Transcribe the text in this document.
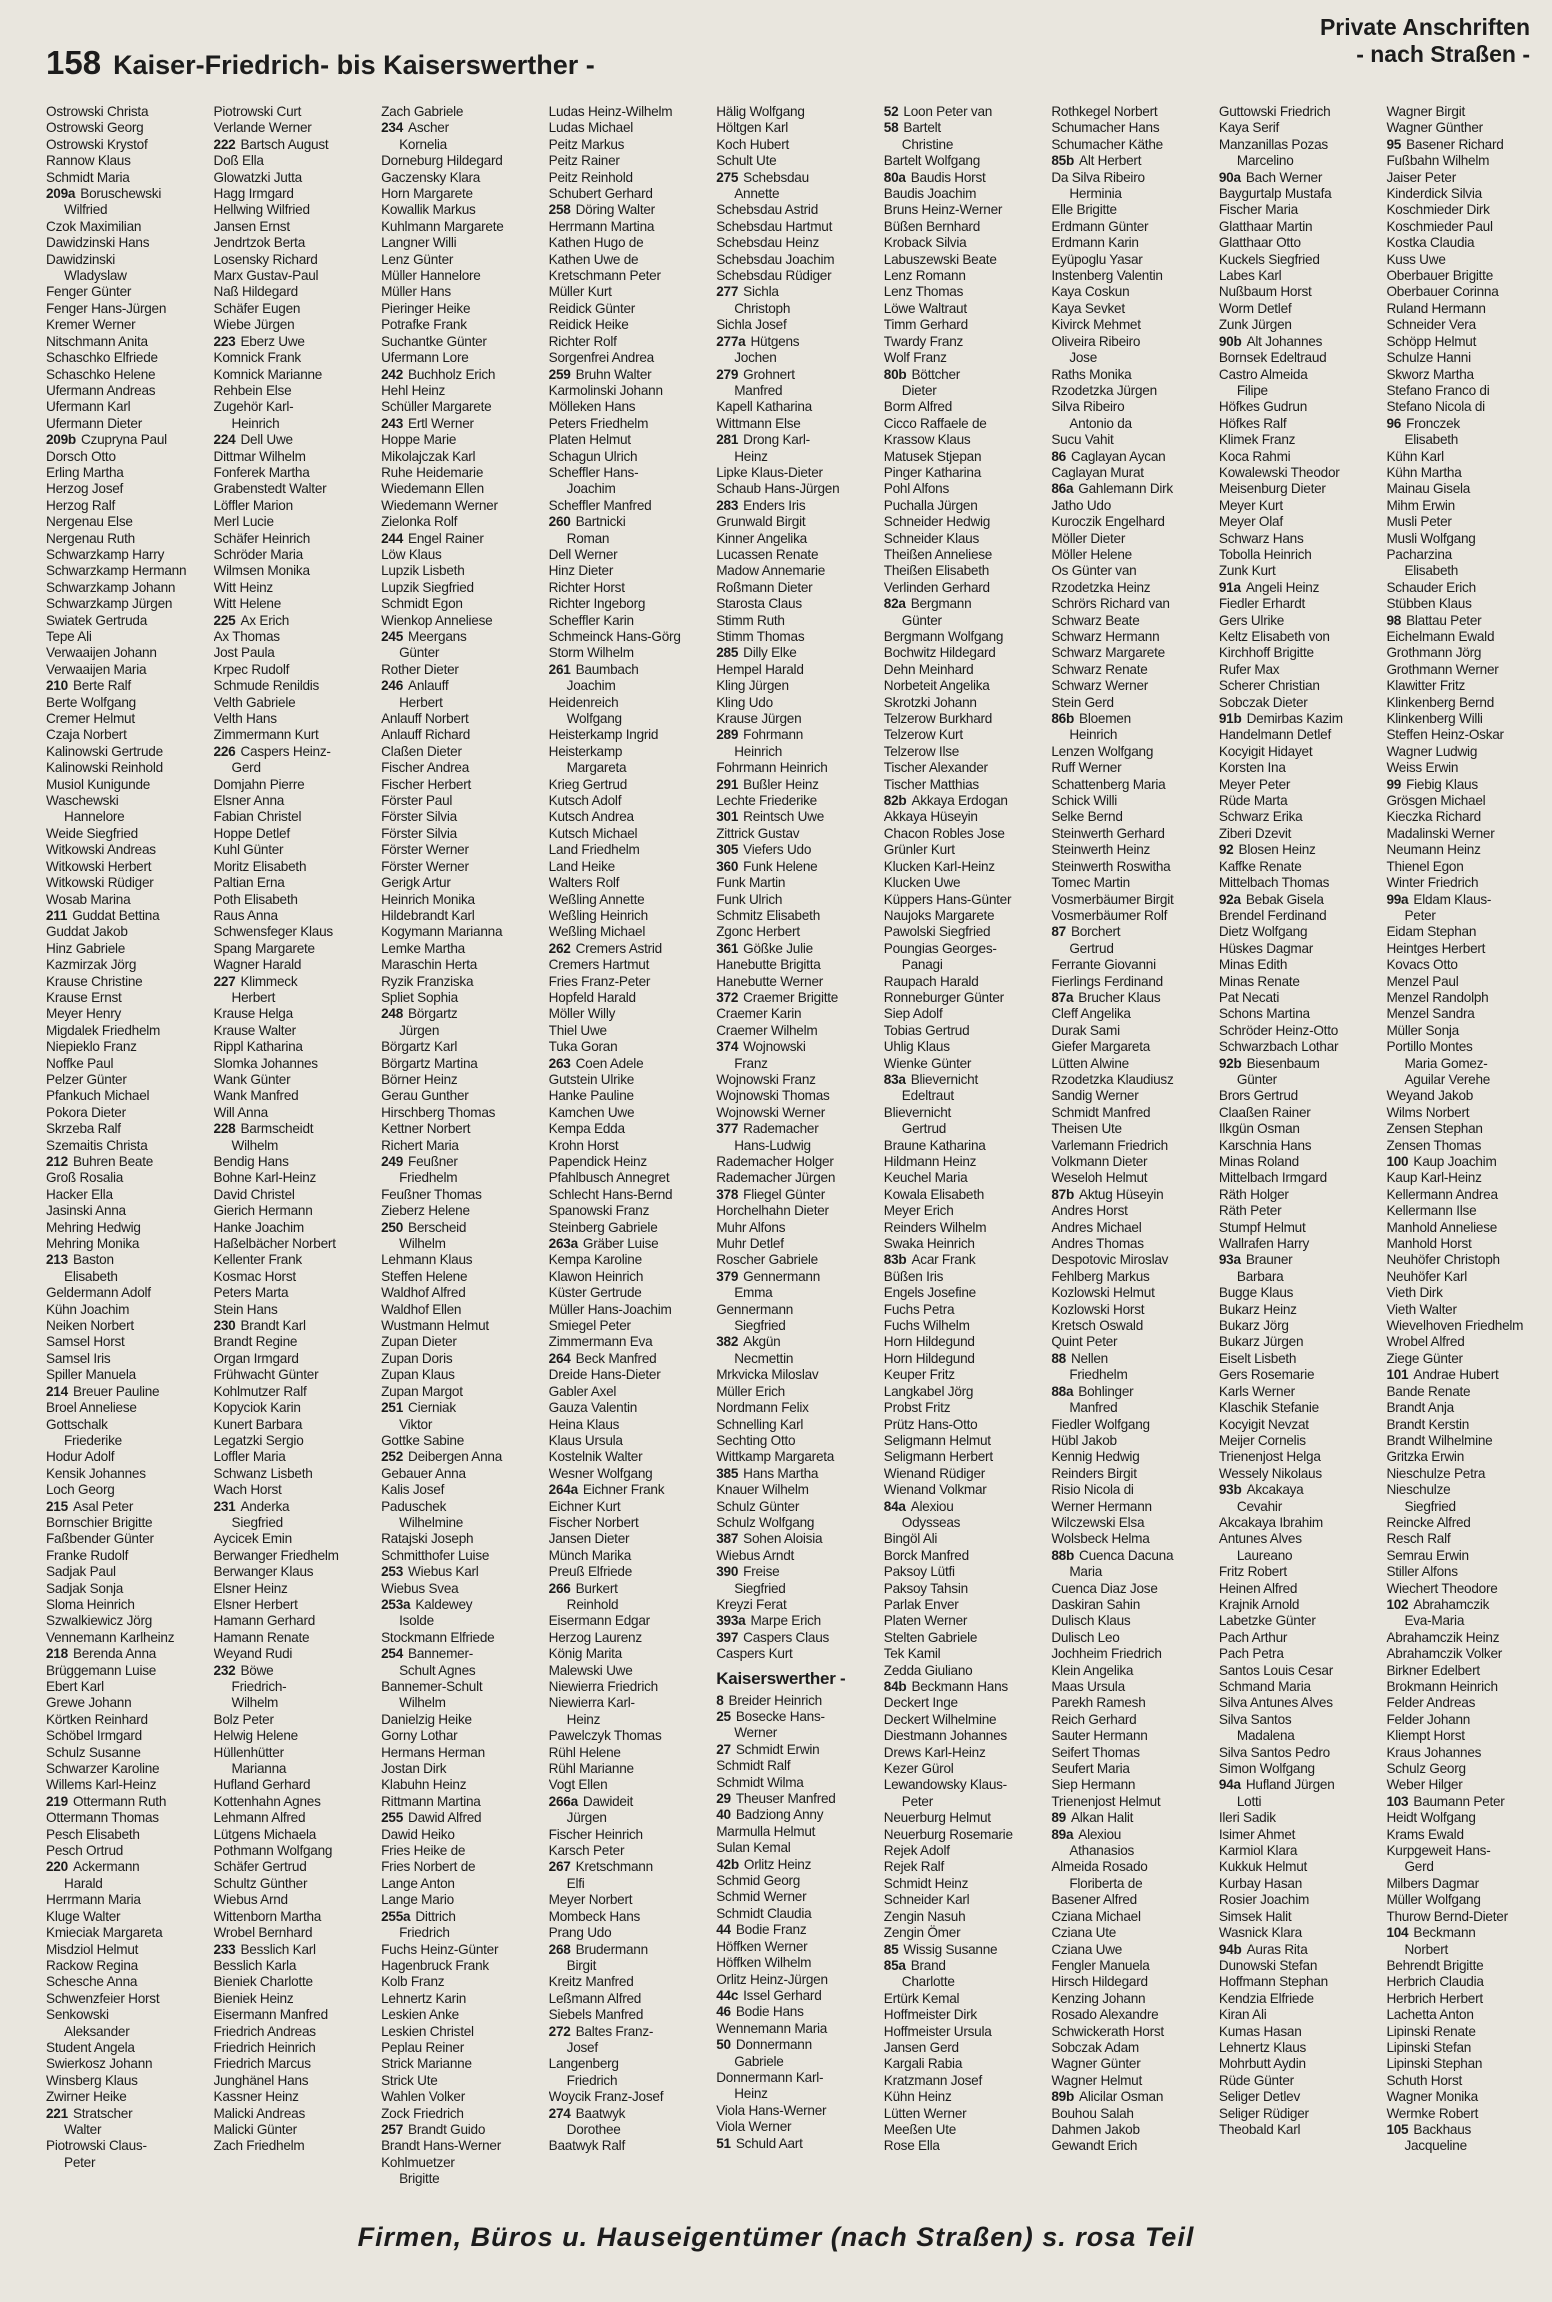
158 Kaiser-Friedrich- bis Kaiserswerther -
Private Anschriften
- nach Straßen -
Ostrowski Christa
Ostrowski Georg
Ostrowski Krystof
Rannow Klaus
Schmidt Maria
209a Boruschewski
Wilfried
Czok Maximilian
Dawidzinski Hans
Dawidzinski
Wladyslaw
Fenger Günter
Fenger Hans-Jürgen
Kremer Werner
Nitschmann Anita
Schaschko Elfriede
Schaschko Helene
Ufermann Andreas
Ufermann Karl
Ufermann Dieter
209b Czupryna Paul
Dorsch Otto
Erling Martha
Herzog Josef
Herzog Ralf
Nergenau Else
Nergenau Ruth
Schwarzkamp Harry
Schwarzkamp Hermann
Schwarzkamp Johann
Schwarzkamp Jürgen
Swiatek Gertruda
Tepe Ali
Verwaaijen Johann
Verwaaijen Maria
210 Berte Ralf
Berte Wolfgang
Cremer Helmut
Czaja Norbert
Kalinowski Gertrude
Kalinowski Reinhold
Musiol Kunigunde
Waschewski
Hannelore
Weide Siegfried
Witkowski Andreas
Witkowski Herbert
Witkowski Rüdiger
Wosab Marina
211 Guddat Bettina
Guddat Jakob
Hinz Gabriele
Kazmirzak Jörg
Krause Christine
Krause Ernst
Meyer Henry
Migdalek Friedhelm
Niepieklo Franz
Noffke Paul
Pelzer Günter
Pfankuch Michael
Pokora Dieter
Skrzeba Ralf
Szemaitis Christa
212 Buhren Beate
Groß Rosalia
Hacker Ella
Jasinski Anna
Mehring Hedwig
Mehring Monika
213 Baston
Elisabeth
Geldermann Adolf
Kühn Joachim
Neiken Norbert
Samsel Horst
Samsel Iris
Spiller Manuela
214 Breuer Pauline
Broel Anneliese
Gottschalk
Friederike
Hodur Adolf
Kensik Johannes
Loch Georg
215 Asal Peter
Bornschier Brigitte
Faßbender Günter
Franke Rudolf
Sadjak Paul
Sadjak Sonja
Sloma Heinrich
Szwalkiewicz Jörg
Vennemann Karlheinz
218 Berenda Anna
Brüggemann Luise
Ebert Karl
Grewe Johann
Körtken Reinhard
Schöbel Irmgard
Schulz Susanne
Schwarzer Karoline
Willems Karl-Heinz
219 Ottermann Ruth
Ottermann Thomas
Pesch Elisabeth
Pesch Ortrud
220 Ackermann
Harald
Herrmann Maria
Kluge Walter
Kmieciak Margareta
Misdziol Helmut
Rackow Regina
Schesche Anna
Schwenzfeier Horst
Senkowski
Aleksander
Student Angela
Swierkosz Johann
Winsberg Klaus
Zwirner Heike
221 Stratscher
Walter
Piotrowski Claus-
Peter
Piotrowski Curt
Verlande Werner
222 Bartsch August
Doß Ella
Glowatzki Jutta
Hagg Irmgard
Hellwing Wilfried
Jansen Ernst
Jendrtzok Berta
Losensky Richard
Marx Gustav-Paul
Naß Hildegard
Schäfer Eugen
Wiebe Jürgen
223 Eberz Uwe
Komnick Frank
Komnick Marianne
Rehbein Else
Zugehör Karl-
Heinrich
224 Dell Uwe
Dittmar Wilhelm
Fonferek Martha
Grabenstedt Walter
Löffler Marion
Merl Lucie
Schäfer Heinrich
Schröder Maria
Wilmsen Monika
Witt Heinz
Witt Helene
225 Ax Erich
Ax Thomas
Jost Paula
Krpec Rudolf
Schmude Renildis
Velth Gabriele
Velth Hans
Zimmermann Kurt
226 Caspers Heinz-
Gerd
Domjahn Pierre
Elsner Anna
Fabian Christel
Hoppe Detlef
Kuhl Günter
Moritz Elisabeth
Paltian Erna
Poth Elisabeth
Raus Anna
Schwensfeger Klaus
Spang Margarete
Wagner Harald
227 Klimmeck
Herbert
Krause Helga
Krause Walter
Rippl Katharina
Slomka Johannes
Wank Günter
Wank Manfred
Will Anna
228 Barmscheidt
Wilhelm
Bendig Hans
Bohne Karl-Heinz
David Christel
Gierich Hermann
Hanke Joachim
Haßelbächer Norbert
Kellenter Frank
Kosmac Horst
Peters Marta
Stein Hans
230 Brandt Karl
Brandt Regine
Organ Irmgard
Frühwacht Günter
Kohlmutzer Ralf
Kopyciok Karin
Kunert Barbara
Legatzki Sergio
Loffler Maria
Schwanz Lisbeth
Wach Horst
231 Anderka
Siegfried
Aycicek Emin
Berwanger Friedhelm
Berwanger Klaus
Elsner Heinz
Elsner Herbert
Hamann Gerhard
Hamann Renate
Weyand Rudi
232 Böwe
Friedrich-
Wilhelm
Bolz Peter
Helwig Helene
Hüllenhütter
Marianna
Hufland Gerhard
Kottenhahn Agnes
Lehmann Alfred
Lütgens Michaela
Pothmann Wolfgang
Schäfer Gertrud
Schultz Günther
Wiebus Arnd
Wittenborn Martha
Wrobel Bernhard
233 Besslich Karl
Besslich Karla
Bieniek Charlotte
Bieniek Heinz
Eisermann Manfred
Friedrich Andreas
Friedrich Heinrich
Friedrich Marcus
Junghänel Hans
Kassner Heinz
Malicki Andreas
Malicki Günter
Zach Friedhelm
Zach Gabriele
234 Ascher
Kornelia
Dorneburg Hildegard
Gaczensky Klara
Horn Margarete
Kowallik Markus
Kuhlmann Margarete
Langner Willi
Lenz Günter
Müller Hannelore
Müller Hans
Pieringer Heike
Potrafke Frank
Suchantke Günter
Ufermann Lore
242 Buchholz Erich
Hehl Heinz
Schüller Margarete
243 Ertl Werner
Hoppe Marie
Mikolajczak Karl
Ruhe Heidemarie
Wiedemann Ellen
Wiedemann Werner
Zielonka Rolf
244 Engel Rainer
Löw Klaus
Lupzik Lisbeth
Lupzik Siegfried
Schmidt Egon
Wienkop Anneliese
245 Meergans
Günter
Rother Dieter
246 Anlauff
Herbert
Anlauff Norbert
Anlauff Richard
Claßen Dieter
Fischer Andrea
Fischer Herbert
Förster Paul
Förster Silvia
Förster Silvia
Förster Werner
Förster Werner
Gerigk Artur
Heinrich Monika
Hildebrandt Karl
Kogymann Marianna
Lemke Martha
Maraschin Herta
Ryzik Franziska
Spliet Sophia
248 Börgartz
Jürgen
Börgartz Karl
Börgartz Martina
Börner Heinz
Gerau Gunther
Hirschberg Thomas
Kettner Norbert
Richert Maria
249 Feußner
Friedhelm
Feußner Thomas
Zieberz Helene
250 Berscheid
Wilhelm
Lehmann Klaus
Steffen Helene
Waldhof Alfred
Waldhof Ellen
Wustmann Helmut
Zupan Dieter
Zupan Doris
Zupan Klaus
Zupan Margot
251 Cierniak
Viktor
Gottke Sabine
252 Deibergen Anna
Gebauer Anna
Kalis Josef
Paduschek
Wilhelmine
Ratajski Joseph
Schmitthofer Luise
253 Wiebus Karl
Wiebus Svea
253a Kaldewey
Isolde
Stockmann Elfriede
254 Bannemer-
Schult Agnes
Bannemer-Schult
Wilhelm
Danielzig Heike
Gorny Lothar
Hermans Herman
Jostan Dirk
Klabuhn Heinz
Rittmann Martina
255 Dawid Alfred
Dawid Heiko
Fries Heike de
Fries Norbert de
Lange Anton
Lange Mario
255a Dittrich
Friedrich
Fuchs Heinz-Günter
Hagenbruck Frank
Kolb Franz
Lehnertz Karin
Leskien Anke
Leskien Christel
Peplau Reiner
Strick Marianne
Strick Ute
Wahlen Volker
Zock Friedrich
257 Brandt Guido
Brandt Hans-Werner
Kohlmuetzer
Brigitte
Ludas Heinz-Wilhelm
Ludas Michael
Peitz Markus
Peitz Rainer
Peitz Reinhold
Schubert Gerhard
258 Döring Walter
Herrmann Martina
Kathen Hugo de
Kathen Uwe de
Kretschmann Peter
Müller Kurt
Reidick Günter
Reidick Heike
Richter Rolf
Sorgenfrei Andrea
259 Bruhn Walter
Karmolinski Johann
Mölleken Hans
Peters Friedhelm
Platen Helmut
Schagun Ulrich
Scheffler Hans-
Joachim
Scheffler Manfred
260 Bartnicki
Roman
Dell Werner
Hinz Dieter
Richter Horst
Richter Ingeborg
Scheffler Karin
Schmeinck Hans-Görg
Storm Wilhelm
261 Baumbach
Joachim
Heidenreich
Wolfgang
Heisterkamp Ingrid
Heisterkamp
Margareta
Krieg Gertrud
Kutsch Adolf
Kutsch Andrea
Kutsch Michael
Land Friedhelm
Land Heike
Walters Rolf
Weßling Annette
Weßling Heinrich
Weßling Michael
262 Cremers Astrid
Cremers Hartmut
Fries Franz-Peter
Hopfeld Harald
Möller Willy
Thiel Uwe
Tuka Goran
263 Coen Adele
Gutstein Ulrike
Hanke Pauline
Kamchen Uwe
Kempa Edda
Krohn Horst
Papendick Heinz
Pfahlbusch Annegret
Schlecht Hans-Bernd
Spanowski Franz
Steinberg Gabriele
263a Gräber Luise
Kempa Karoline
Klawon Heinrich
Küster Gertrude
Müller Hans-Joachim
Smiegel Peter
Zimmermann Eva
264 Beck Manfred
Dreide Hans-Dieter
Gabler Axel
Gauza Valentin
Heina Klaus
Klaus Ursula
Kostelnik Walter
Wesner Wolfgang
264a Eichner Frank
Eichner Kurt
Fischer Norbert
Jansen Dieter
Münch Marika
Preuß Elfriede
266 Burkert
Reinhold
Eisermann Edgar
Herzog Laurenz
König Marita
Malewski Uwe
Niewierra Friedrich
Niewierra Karl-
Heinz
Pawelczyk Thomas
Rühl Helene
Rühl Marianne
Vogt Ellen
266a Dawideit
Jürgen
Fischer Heinrich
Karsch Peter
267 Kretschmann
Elfi
Meyer Norbert
Mombeck Hans
Prang Udo
268 Brudermann
Birgit
Kreitz Manfred
Leßmann Alfred
Siebels Manfred
272 Baltes Franz-
Josef
Langenberg
Friedrich
Woycik Franz-Josef
274 Baatwyk
Dorothee
Baatwyk Ralf
Hälig Wolfgang
Höltgen Karl
Koch Hubert
Schult Ute
275 Schebsdau
Annette
Schebsdau Astrid
Schebsdau Hartmut
Schebsdau Heinz
Schebsdau Joachim
Schebsdau Rüdiger
277 Sichla
Christoph
Sichla Josef
277a Hütgens
Jochen
279 Grohnert
Manfred
Kapell Katharina
Wittmann Else
281 Drong Karl-
Heinz
Lipke Klaus-Dieter
Schaub Hans-Jürgen
283 Enders Iris
Grunwald Birgit
Kinner Angelika
Lucassen Renate
Madow Annemarie
Roßmann Dieter
Starosta Claus
Stimm Ruth
Stimm Thomas
285 Dilly Elke
Hempel Harald
Kling Jürgen
Kling Udo
Krause Jürgen
289 Fohrmann
Heinrich
Fohrmann Heinrich
291 Bußler Heinz
Lechte Friederike
301 Reintsch Uwe
Zittrick Gustav
305 Viefers Udo
360 Funk Helene
Funk Martin
Funk Ulrich
Schmitz Elisabeth
Zgonc Herbert
361 Gößke Julie
Hanebutte Brigitta
Hanebutte Werner
372 Craemer Brigitte
Craemer Karin
Craemer Wilhelm
374 Wojnowski
Franz
Wojnowski Franz
Wojnowski Thomas
Wojnowski Werner
377 Rademacher
Hans-Ludwig
Rademacher Holger
Rademacher Jürgen
378 Fliegel Günter
Horchelhahn Dieter
Muhr Alfons
Muhr Detlef
Roscher Gabriele
379 Gennermann
Emma
Gennermann
Siegfried
382 Akgün
Necmettin
Mrkvicka Miloslav
Müller Erich
Nordmann Felix
Schnelling Karl
Sechting Otto
Wittkamp Margareta
385 Hans Martha
Knauer Wilhelm
Schulz Günter
Schulz Wolfgang
387 Sohen Aloisia
Wiebus Arndt
390 Freise
Siegfried
Kreyzi Ferat
393a Marpe Erich
397 Caspers Claus
Caspers Kurt
Kaiserswerther -
8 Breider Heinrich
25 Bosecke Hans-
Werner
27 Schmidt Erwin
Schmidt Ralf
Schmidt Wilma
29 Theuser Manfred
40 Badziong Anny
Marmulla Helmut
Sulan Kemal
42b Orlitz Heinz
Schmid Georg
Schmid Werner
Schmidt Claudia
44 Bodie Franz
Höffken Werner
Höffken Wilhelm
Orlitz Heinz-Jürgen
44c Issel Gerhard
46 Bodie Hans
Wennemann Maria
50 Donnermann
Gabriele
Donnermann Karl-
Heinz
Viola Hans-Werner
Viola Werner
51 Schuld Aart
52 Loon Peter van
58 Bartelt
Christine
Bartelt Wolfgang
80a Baudis Horst
Baudis Joachim
Bruns Heinz-Werner
Büßen Bernhard
Kroback Silvia
Labuszewski Beate
Lenz Romann
Lenz Thomas
Löwe Waltraut
Timm Gerhard
Twardy Franz
Wolf Franz
80b Böttcher
Dieter
Borm Alfred
Cicco Raffaele de
Krassow Klaus
Matusek Stjepan
Pinger Katharina
Pohl Alfons
Puchalla Jürgen
Schneider Hedwig
Schneider Klaus
Theißen Anneliese
Theißen Elisabeth
Verlinden Gerhard
82a Bergmann
Günter
Bergmann Wolfgang
Bochwitz Hildegard
Dehn Meinhard
Norbeteit Angelika
Skrotzki Johann
Telzerow Burkhard
Telzerow Kurt
Telzerow Ilse
Tischer Alexander
Tischer Matthias
82b Akkaya Erdogan
Akkaya Hüseyin
Chacon Robles Jose
Grünler Kurt
Klucken Karl-Heinz
Klucken Uwe
Küppers Hans-Günter
Naujoks Margarete
Pawolski Siegfried
Poungias Georges-
Panagi
Raupach Harald
Ronneburger Günter
Siep Adolf
Tobias Gertrud
Uhlig Klaus
Wienke Günter
83a Blievernicht
Edeltraut
Blievernicht
Gertrud
Braune Katharina
Hildmann Heinz
Keuchel Maria
Kowala Elisabeth
Meyer Erich
Reinders Wilhelm
Swaka Heinrich
83b Acar Frank
Büßen Iris
Engels Josefine
Fuchs Petra
Fuchs Wilhelm
Horn Hildegund
Horn Hildegund
Keuper Fritz
Langkabel Jörg
Probst Fritz
Prütz Hans-Otto
Seligmann Helmut
Seligmann Herbert
Wienand Rüdiger
Wienand Volkmar
84a Alexiou
Odysseas
Bingöl Ali
Borck Manfred
Paksoy Lütfi
Paksoy Tahsin
Parlak Enver
Platen Werner
Stelten Gabriele
Tek Kamil
Zedda Giuliano
84b Beckmann Hans
Deckert Inge
Deckert Wilhelmine
Diestmann Johannes
Drews Karl-Heinz
Kezer Gürol
Lewandowsky Klaus-
Peter
Neuerburg Helmut
Neuerburg Rosemarie
Rejek Adolf
Rejek Ralf
Schmidt Heinz
Schneider Karl
Zengin Nasuh
Zengin Ömer
85 Wissig Susanne
85a Brand
Charlotte
Ertürk Kemal
Hoffmeister Dirk
Hoffmeister Ursula
Jansen Gerd
Kargali Rabia
Kratzmann Josef
Kühn Heinz
Lütten Werner
Meeßen Ute
Rose Ella
Rothkegel Norbert
Schumacher Hans
Schumacher Käthe
85b Alt Herbert
Da Silva Ribeiro
Herminia
Elle Brigitte
Erdmann Günter
Erdmann Karin
Eyüpoglu Yasar
Instenberg Valentin
Kaya Coskun
Kaya Sevket
Kivirck Mehmet
Oliveira Ribeiro
Jose
Raths Monika
Rzodetzka Jürgen
Silva Ribeiro
Antonio da
Sucu Vahit
86 Caglayan Aycan
Caglayan Murat
86a Gahlemann Dirk
Jatho Udo
Kuroczik Engelhard
Möller Dieter
Möller Helene
Os Günter van
Rzodetzka Heinz
Schrörs Richard van
Schwarz Beate
Schwarz Hermann
Schwarz Margarete
Schwarz Renate
Schwarz Werner
Stein Gerd
86b Bloemen
Heinrich
Lenzen Wolfgang
Ruff Werner
Schattenberg Maria
Schick Willi
Selke Bernd
Steinwerth Gerhard
Steinwerth Heinz
Steinwerth Roswitha
Tomec Martin
Vosmerbäumer Birgit
Vosmerbäumer Rolf
87 Borchert
Gertrud
Ferrante Giovanni
Fierlings Ferdinand
87a Brucher Klaus
Cleff Angelika
Durak Sami
Giefer Margareta
Lütten Alwine
Rzodetzka Klaudiusz
Sandig Werner
Schmidt Manfred
Theisen Ute
Varlemann Friedrich
Volkmann Dieter
Weseloh Helmut
87b Aktug Hüseyin
Andres Horst
Andres Michael
Andres Thomas
Despotovic Miroslav
Fehlberg Markus
Kozlowski Helmut
Kozlowski Horst
Kretsch Oswald
Quint Peter
88 Nellen
Friedhelm
88a Bohlinger
Manfred
Fiedler Wolfgang
Hübl Jakob
Kennig Hedwig
Reinders Birgit
Risio Nicola di
Werner Hermann
Wilczewski Elsa
Wolsbeck Helma
88b Cuenca Dacuna
Maria
Cuenca Diaz Jose
Daskiran Sahin
Dulisch Klaus
Dulisch Leo
Jochheim Friedrich
Klein Angelika
Maas Ursula
Parekh Ramesh
Reich Gerhard
Sauter Hermann
Seifert Thomas
Seufert Maria
Siep Hermann
Trienenjost Helmut
89 Alkan Halit
89a Alexiou
Athanasios
Almeida Rosado
Floriberta de
Basener Alfred
Cziana Michael
Cziana Ute
Cziana Uwe
Fengler Manuela
Hirsch Hildegard
Kenzing Johann
Rosado Alexandre
Schwickerath Horst
Sobczak Adam
Wagner Günter
Wagner Helmut
89b Alicilar Osman
Bouhou Salah
Dahmen Jakob
Gewandt Erich
Guttowski Friedrich
Kaya Serif
Manzanillas Pozas
Marcelino
90a Bach Werner
Baygurtalp Mustafa
Fischer Maria
Glatthaar Martin
Glatthaar Otto
Kuckels Siegfried
Labes Karl
Nußbaum Horst
Worm Detlef
Zunk Jürgen
90b Alt Johannes
Bornsek Edeltraud
Castro Almeida
Filipe
Höfkes Gudrun
Höfkes Ralf
Klimek Franz
Koca Rahmi
Kowalewski Theodor
Meisenburg Dieter
Meyer Kurt
Meyer Olaf
Schwarz Hans
Tobolla Heinrich
Zunk Kurt
91a Angeli Heinz
Fiedler Erhardt
Gers Ulrike
Keltz Elisabeth von
Kirchhoff Brigitte
Rufer Max
Scherer Christian
Sobczak Dieter
91b Demirbas Kazim
Handelmann Detlef
Kocyigit Hidayet
Korsten Ina
Meyer Peter
Rüde Marta
Schwarz Erika
Ziberi Dzevit
92 Blosen Heinz
Kaffke Renate
Mittelbach Thomas
92a Bebak Gisela
Brendel Ferdinand
Dietz Wolfgang
Hüskes Dagmar
Minas Edith
Minas Renate
Pat Necati
Schons Martina
Schröder Heinz-Otto
Schwarzbach Lothar
92b Biesenbaum
Günter
Brors Gertrud
Claaßen Rainer
Ilkgün Osman
Karschnia Hans
Minas Roland
Mittelbach Irmgard
Räth Holger
Räth Peter
Stumpf Helmut
Wallrafen Harry
93a Brauner
Barbara
Bugge Klaus
Bukarz Heinz
Bukarz Jörg
Bukarz Jürgen
Eiselt Lisbeth
Gers Rosemarie
Karls Werner
Klaschik Stefanie
Kocyigit Nevzat
Meijer Cornelis
Trienenjost Helga
Wessely Nikolaus
93b Akcakaya
Cevahir
Akcakaya Ibrahim
Antunes Alves
Laureano
Fritz Robert
Heinen Alfred
Krajnik Arnold
Labetzke Günter
Pach Arthur
Pach Petra
Santos Louis Cesar
Schmand Maria
Silva Antunes Alves
Silva Santos
Madalena
Silva Santos Pedro
Simon Wolfgang
94a Hufland Jürgen
Lotti
Ileri Sadik
Isimer Ahmet
Karmiol Klara
Kukkuk Helmut
Kurbay Hasan
Rosier Joachim
Simsek Halit
Wasnick Klara
94b Auras Rita
Dunowski Stefan
Hoffmann Stephan
Kendzia Elfriede
Kiran Ali
Kumas Hasan
Lehnertz Klaus
Mohrbutt Aydin
Rüde Günter
Seliger Detlev
Seliger Rüdiger
Theobald Karl
Wagner Birgit
Wagner Günther
95 Basener Richard
Fußbahn Wilhelm
Jaiser Peter
Kinderdick Silvia
Koschmieder Dirk
Koschmieder Paul
Kostka Claudia
Kuss Uwe
Oberbauer Brigitte
Oberbauer Corinna
Ruland Hermann
Schneider Vera
Schöpp Helmut
Schulze Hanni
Skworz Martha
Stefano Franco di
Stefano Nicola di
96 Fronczek
Elisabeth
Kühn Karl
Kühn Martha
Mainau Gisela
Mihm Erwin
Musli Peter
Musli Wolfgang
Pacharzina
Elisabeth
Schauder Erich
Stübben Klaus
98 Blattau Peter
Eichelmann Ewald
Grothmann Jörg
Grothmann Werner
Klawitter Fritz
Klinkenberg Bernd
Klinkenberg Willi
Steffen Heinz-Oskar
Wagner Ludwig
Weiss Erwin
99 Fiebig Klaus
Grösgen Michael
Kieczka Richard
Madalinski Werner
Neumann Heinz
Thienel Egon
Winter Friedrich
99a Eldam Klaus-
Peter
Eidam Stephan
Heintges Herbert
Kovacs Otto
Menzel Paul
Menzel Randolph
Menzel Sandra
Müller Sonja
Portillo Montes
Maria Gomez-
Aguilar Verehe
Weyand Jakob
Wilms Norbert
Zensen Stephan
Zensen Thomas
100 Kaup Joachim
Kaup Karl-Heinz
Kellermann Andrea
Kellermann Ilse
Manhold Anneliese
Manhold Horst
Neuhöfer Christoph
Neuhöfer Karl
Vieth Dirk
Vieth Walter
Wievelhoven Friedhelm
Wrobel Alfred
Ziege Günter
101 Andrae Hubert
Bande Renate
Brandt Anja
Brandt Kerstin
Brandt Wilhelmine
Gritzka Erwin
Nieschulze Petra
Nieschulze
Siegfried
Reincke Alfred
Resch Ralf
Semrau Erwin
Stiller Alfons
Wiechert Theodore
102 Abrahamczik
Eva-Maria
Abrahamczik Heinz
Abrahamczik Volker
Birkner Edelbert
Brokmann Heinrich
Felder Andreas
Felder Johann
Kliempt Horst
Kraus Johannes
Schulz Georg
Weber Hilger
103 Baumann Peter
Heidt Wolfgang
Krams Ewald
Kurpgeweit Hans-
Gerd
Milbers Dagmar
Müller Wolfgang
Thurow Bernd-Dieter
104 Beckmann
Norbert
Behrendt Brigitte
Herbrich Claudia
Herbrich Herbert
Lachetta Anton
Lipinski Renate
Lipinski Stefan
Lipinski Stephan
Schuth Horst
Wagner Monika
Wermke Robert
105 Backhaus
Jacqueline
Firmen, Büros u. Hauseigentümer (nach Straßen) s. rosa Teil
